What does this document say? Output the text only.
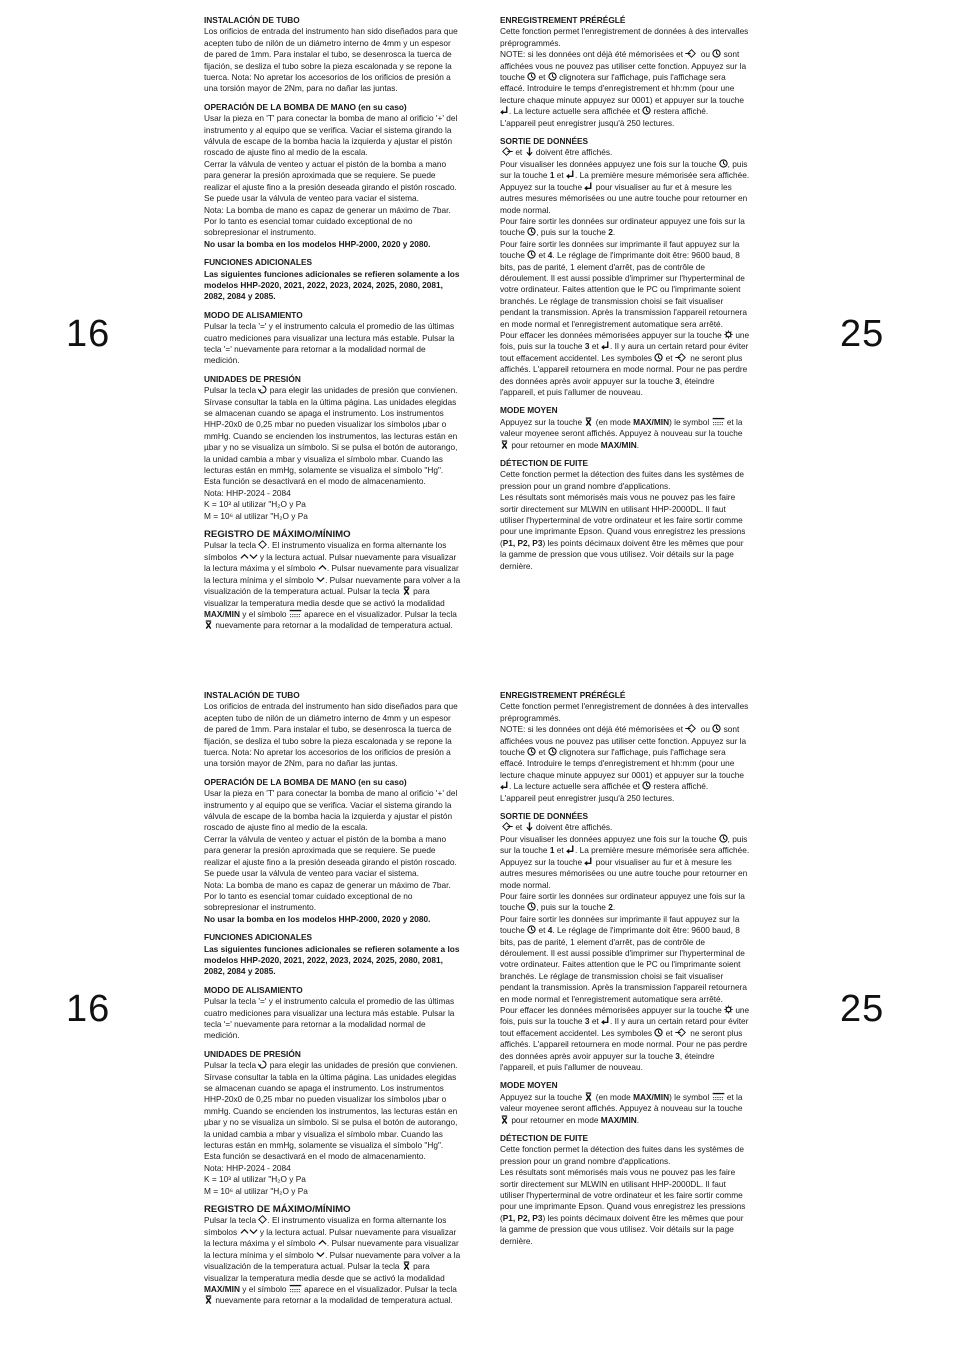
16	25
INSTALACIÓN DE TUBO
Los orificios de entrada del instrumento han sido diseñados para que acepten tubo de nilón de un diámetro interno de 4mm y un espesor de pared de 1mm. Para instalar el tubo, se desenrosca la tuerca de fijación, se desliza el tubo sobre la pieza escalonada y se repone la tuerca. Nota: No apretar los accesorios de los orificios de presión a una torsión mayor de 2Nm, para no dañar las juntas.
OPERACIÓN DE LA BOMBA DE MANO (en su caso)
Usar la pieza en 'T' para conectar la bomba de mano al orificio '+' del instrumento y al equipo que se verifica. Vaciar el sistema girando la válvula de escape de la bomba hacia la izquierda y ajustar el pistón roscado de ajuste fino al medio de la escala.
Cerrar la válvula de venteo y actuar el pistón de la bomba a mano para generar la presión aproximada que se requiere. Se puede realizar el ajuste fino a la presión deseada girando el pistón roscado. Se puede usar la válvula de venteo para vaciar el sistema.
Nota: La bomba de mano es capaz de generar un máximo de 7bar. Por lo tanto es esencial tomar cuidado exceptional de no sobrepresionar el instrumento.
No usar la bomba en los modelos HHP-2000, 2020 y 2080.
FUNCIONES ADICIONALES
Las siguientes funciones adicionales se refieren solamente a los modelos HHP-2020, 2021, 2022, 2023, 2024, 2025, 2080, 2081, 2082, 2084 y 2085.
MODO DE ALISAMIENTO
Pulsar la tecla '=' y el instrumento calcula el promedio de las últimas cuatro mediciones para visualizar una lectura más estable. Pulsar la tecla '=' nuevamente para retornar a la modalidad normal de medición.
UNIDADES DE PRESIÓN
Pulsar la tecla para elegir las unidades de presión que convienen. Sírvase consultar la tabla en la última página. Las unidades elegidas se almacenan cuando se apaga el instrumento. Los instrumentos HHP-20x0 de 0,25 mbar no pueden visualizar los símbolos µbar o mmHg. Cuando se encienden los instrumentos, las lecturas están en µbar y no se visualiza un símbolo. Si se pulsa el botón de autorango, la unidad cambia a mbar y visualiza el símbolo mbar. Cuando las lecturas están en mmHg, solamente se visualiza el símbolo "Hg". Esta función se desactivará en el modo de almacenamiento.
Nota: HHP-2024 - 2084
K = 10³ al utilizar "H₂O y Pa
M = 10⁶ al utilizar "H₂O y Pa
REGISTRO DE MÁXIMO/MÍNIMO
Pulsar la tecla . El instrumento visualiza en forma alternante los símbolos	y la lectura actual. Pulsar nuevamente para visualizar la lectura máxima y el símbolo . Pulsar nuevamente para visualizar la lectura mínima y el símbolo . Pulsar nuevamente para volver a la visualización de la temperatura actual. Pulsar la tecla para visualizar la temperatura media desde que se activó la modalidad MAX/MIN y el símbolo aparece en el visualizador. Pulsar la tecla
nuevamente para retornar a la modalidad de temperatura actual.
ENREGISTREMENT PRÉRÉGLÉ
Cette fonction permet l'enregistrement de données à des intervalles préprogrammés.
NOTE: si les données ont déjà été mémorisées et ou sont affichées vous ne pouvez pas utiliser cette fonction. Appuyez sur la touche et clignotera sur l'affichage, puis l'affichage sera effacé. Introduire le temps d'enregistrement et hh:mm (pour une lecture chaque minute appuyez sur 0001) et appuyer sur la touche
. La lecture actuelle sera affichée et restera affiché.
L'appareil peut enregistrer jusqu'à 250 lectures.
SORTIE DE DONNÉES
et doivent être affichés.
Pour visualiser les données appuyez une fois sur la touche , puis sur la touche 1 et . La première mesure mémorisée sera affichée. Appuyez sur la touche pour visualiser au fur et à mesure les autres mesures mémorisées ou une autre touche pour retourner en mode normal.
Pour faire sortir les données sur ordinateur appuyez une fois sur la touche , puis sur la touche 2.
Pour faire sortir les données sur imprimante il faut appuyez sur la touche et 4. Le réglage de l'imprimante doit être: 9600 baud, 8 bits, pas de parité, 1 element d'arrêt, pas de contrôle de déroulement. Il est aussi possible d'imprimer sur l'hyperterminal de votre ordinateur. Faites attention que le PC ou l'imprimante soient branchés. Le réglage de transmission choisi se fait visualiser pendant la transmission. Après la transmission l'appareil retournera en mode normal et l'enregistrement automatique sera arrêté.
Pour effacer les données mémorisées appuyer sur la touche une fois, puis sur la touche 3 et . Il y aura un certain retard pour éviter tout effacement accidentel. Les symboles et ne seront plus affichés. L'appareil retournera en mode normal. Pour ne pas perdre des données après avoir appuyer sur la touche 3, éteindre l'appareil, et puis l'allumer de nouveau.
MODE MOYEN
Appuyez sur la touche (en mode MAX/MIN) le symbol et la valeur moyenee seront affichés. Appuyez à nouveau sur la touche
pour retourner en mode MAX/MIN.
DÉTECTION DE FUITE
Cette fonction permet la détection des fuites dans les systèmes de pression pour un grand nombre d'applications.
Les résultats sont mémorisés mais vous ne pouvez pas les faire sortir directement sur MLWIN en utilisant HHP-2000DL. Il faut utiliser l'hyperterminal de votre ordinateur et les faire sortir comme pour une imprimante Epson. Quand vous enregistrez les pressions (P1, P2, P3) les points décimaux doivent être les mêmes que pour la gamme de pression que vous utilisez. Voir détails sur la page dernière.
16	25
INSTALACIÓN DE TUBO
Los orificios de entrada del instrumento han sido diseñados para que acepten tubo de nilón de un diámetro interno de 4mm y un espesor de pared de 1mm. Para instalar el tubo, se desenrosca la tuerca de fijación, se desliza el tubo sobre la pieza escalonada y se repone la tuerca. Nota: No apretar los accesorios de los orificios de presión a una torsión mayor de 2Nm, para no dañar las juntas.
OPERACIÓN DE LA BOMBA DE MANO (en su caso)
Usar la pieza en 'T' para conectar la bomba de mano al orificio '+' del instrumento y al equipo que se verifica. Vaciar el sistema girando la válvula de escape de la bomba hacia la izquierda y ajustar el pistón roscado de ajuste fino al medio de la escala.
Cerrar la válvula de venteo y actuar el pistón de la bomba a mano para generar la presión aproximada que se requiere. Se puede realizar el ajuste fino a la presión deseada girando el pistón roscado. Se puede usar la válvula de venteo para vaciar el sistema.
Nota: La bomba de mano es capaz de generar un máximo de 7bar. Por lo tanto es esencial tomar cuidado exceptional de no sobrepresionar el instrumento.
No usar la bomba en los modelos HHP-2000, 2020 y 2080.
FUNCIONES ADICIONALES
Las siguientes funciones adicionales se refieren solamente a los modelos HHP-2020, 2021, 2022, 2023, 2024, 2025, 2080, 2081, 2082, 2084 y 2085.
MODO DE ALISAMIENTO
Pulsar la tecla '=' y el instrumento calcula el promedio de las últimas cuatro mediciones para visualizar una lectura más estable. Pulsar la tecla '=' nuevamente para retornar a la modalidad normal de medición.
UNIDADES DE PRESIÓN
Pulsar la tecla para elegir las unidades de presión que convienen. Sírvase consultar la tabla en la última página. Las unidades elegidas se almacenan cuando se apaga el instrumento. Los instrumentos HHP-20x0 de 0,25 mbar no pueden visualizar los símbolos µbar o mmHg. Cuando se encienden los instrumentos, las lecturas están en µbar y no se visualiza un símbolo. Si se pulsa el botón de autorango, la unidad cambia a mbar y visualiza el símbolo mbar. Cuando las lecturas están en mmHg, solamente se visualiza el símbolo "Hg". Esta función se desactivará en el modo de almacenamiento.
Nota: HHP-2024 - 2084
K = 10³ al utilizar "H₂O y Pa
M = 10⁶ al utilizar "H₂O y Pa
REGISTRO DE MÁXIMO/MÍNIMO
Pulsar la tecla . El instrumento visualiza en forma alternante los símbolos	y la lectura actual. Pulsar nuevamente para visualizar la lectura máxima y el símbolo . Pulsar nuevamente para visualizar la lectura mínima y el símbolo . Pulsar nuevamente para volver a la visualización de la temperatura actual. Pulsar la tecla para visualizar la temperatura media desde que se activó la modalidad MAX/MIN y el símbolo aparece en el visualizador. Pulsar la tecla
nuevamente para retornar a la modalidad de temperatura actual.
ENREGISTREMENT PRÉRÉGLÉ
Cette fonction permet l'enregistrement de données à des intervalles préprogrammés.
NOTE: si les données ont déjà été mémorisées et ou sont affichées vous ne pouvez pas utiliser cette fonction. Appuyez sur la touche et clignotera sur l'affichage, puis l'affichage sera effacé. Introduire le temps d'enregistrement et hh:mm (pour une lecture chaque minute appuyez sur 0001) et appuyer sur la touche
. La lecture actuelle sera affichée et restera affiché.
L'appareil peut enregistrer jusqu'à 250 lectures.
SORTIE DE DONNÉES
et doivent être affichés.
Pour visualiser les données appuyez une fois sur la touche , puis sur la touche 1 et . La première mesure mémorisée sera affichée. Appuyez sur la touche pour visualiser au fur et à mesure les autres mesures mémorisées ou une autre touche pour retourner en mode normal.
Pour faire sortir les données sur ordinateur appuyez une fois sur la touche , puis sur la touche 2.
Pour faire sortir les données sur imprimante il faut appuyez sur la touche et 4. Le réglage de l'imprimante doit être: 9600 baud, 8 bits, pas de parité, 1 element d'arrêt, pas de contrôle de déroulement. Il est aussi possible d'imprimer sur l'hyperterminal de votre ordinateur. Faites attention que le PC ou l'imprimante soient branchés. Le réglage de transmission choisi se fait visualiser pendant la transmission. Après la transmission l'appareil retournera en mode normal et l'enregistrement automatique sera arrêté.
Pour effacer les données mémorisées appuyer sur la touche une fois, puis sur la touche 3 et . Il y aura un certain retard pour éviter tout effacement accidentel. Les symboles et ne seront plus affichés. L'appareil retournera en mode normal. Pour ne pas perdre des données après avoir appuyer sur la touche 3, éteindre l'appareil, et puis l'allumer de nouveau.
MODE MOYEN
Appuyez sur la touche (en mode MAX/MIN) le symbol et la valeur moyenee seront affichés. Appuyez à nouveau sur la touche
pour retourner en mode MAX/MIN.
DÉTECTION DE FUITE
Cette fonction permet la détection des fuites dans les systèmes de pression pour un grand nombre d'applications.
Les résultats sont mémorisés mais vous ne pouvez pas les faire sortir directement sur MLWIN en utilisant HHP-2000DL. Il faut utiliser l'hyperterminal de votre ordinateur et les faire sortir comme pour une imprimante Epson. Quand vous enregistrez les pressions (P1, P2, P3) les points décimaux doivent être les mêmes que pour la gamme de pression que vous utilisez. Voir détails sur la page dernière.
